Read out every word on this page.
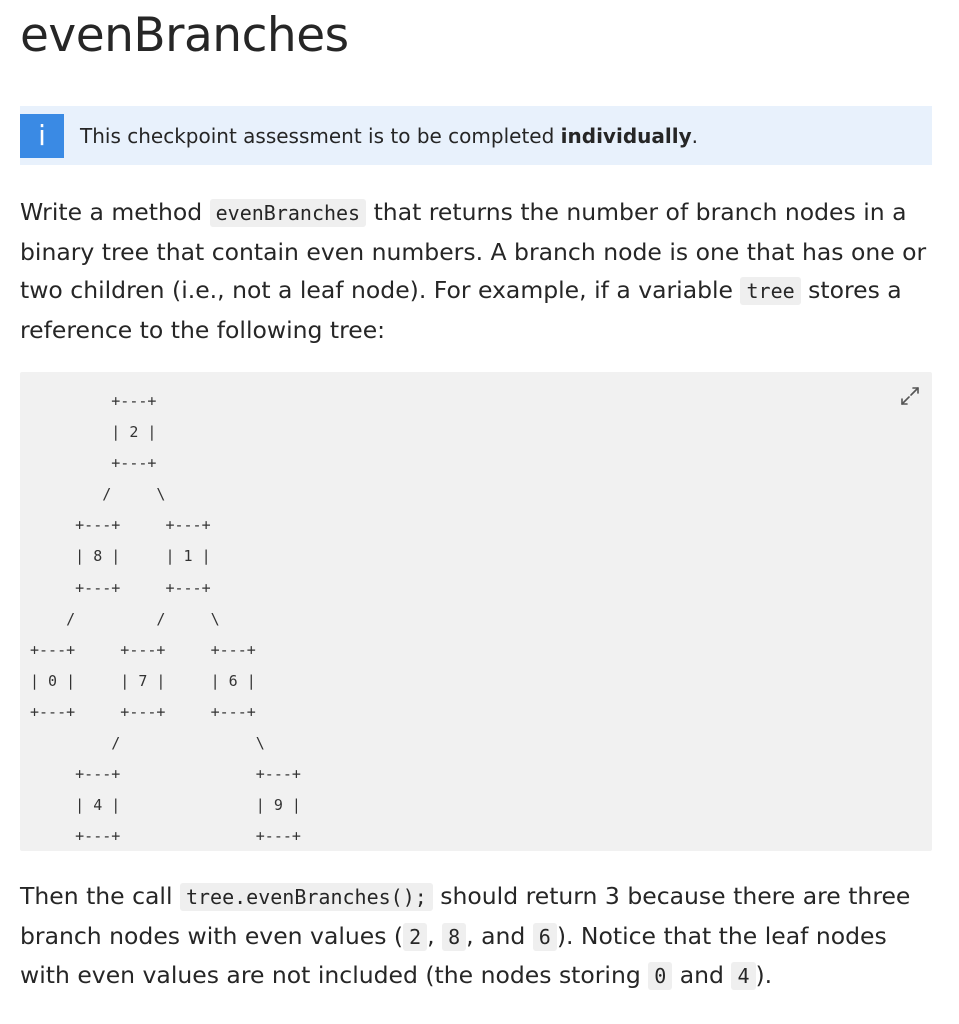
evenBranches
i	This checkpoint assessment is to be completed individually.

Write a method evenBranches that returns the number of branch nodes in a binary tree that contain even numbers. A branch node is one that has one or two children (i.e., not a leaf node). For example, if a variable tree stores a reference to the following tree:

+---+
| 2 |
+---+
/     \
+---+     +---+
| 8 |     | 1 |
+---+     +---+
/         /     \
+---+     +---+     +---+
| 0 |     | 7 |     | 6 |
+---+     +---+     +---+
/               \
+---+               +---+
| 4 |               | 9 |
+---+               +---+

Then the call tree.evenBranches(); should return 3 because there are three branch nodes with even values ( 2 , 8 , and 6 ). Notice that the leaf nodes with even values are not included (the nodes storing 0 and 4 ).
